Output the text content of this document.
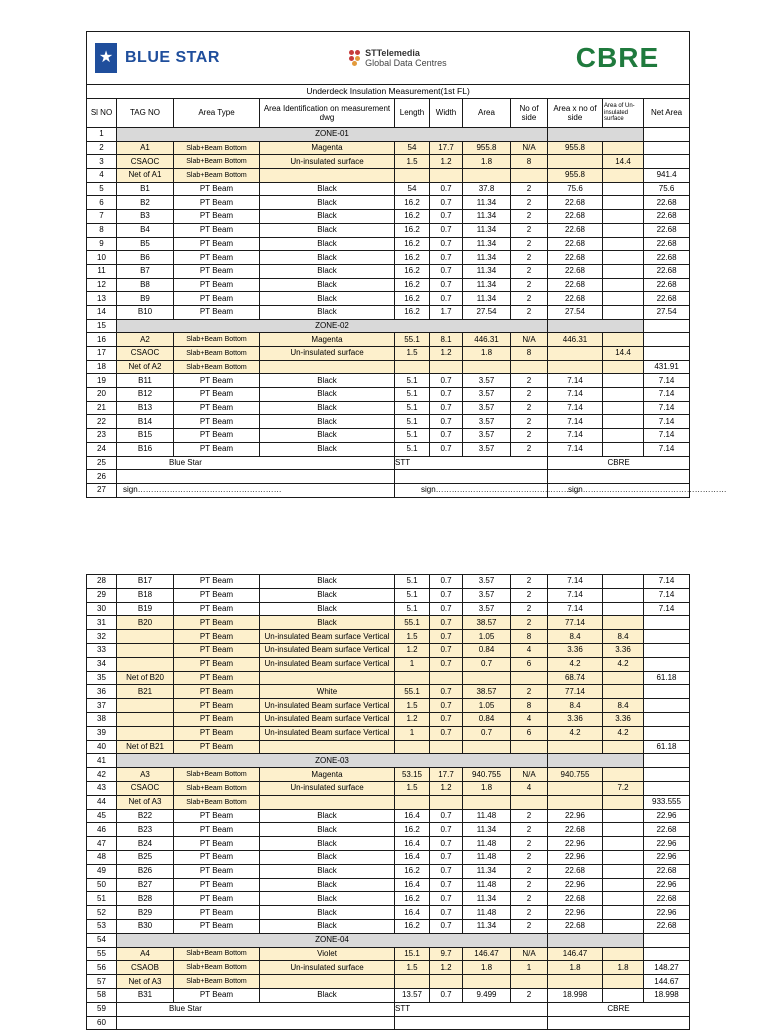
★ BLUE STAR STTelemedia
Global Data Centres CBRE										

Underdeck Insulation Measurement(1st FL)										
Sl NO	TAG NO	Area Type	Area Identification on measurement dwg	Length	Width	Area	No of side	Area x no of side	Area of Un-insulated surface	Net Area
1	ZONE-01									
2	A1	Slab+Beam Bottom	Magenta	54	17.7	955.8	N/A	955.8		
3	CSAOC	Slab+Beam Bottom	Un-insulated surface	1.5	1.2	1.8	8		14.4	
4	Net of A1	Slab+Beam Bottom						955.8		941.4
5	B1	PT Beam	Black	54	0.7	37.8	2	75.6		75.6
6	B2	PT Beam	Black	16.2	0.7	11.34	2	22.68		22.68
7	B3	PT Beam	Black	16.2	0.7	11.34	2	22.68		22.68
8	B4	PT Beam	Black	16.2	0.7	11.34	2	22.68		22.68
9	B5	PT Beam	Black	16.2	0.7	11.34	2	22.68		22.68
10	B6	PT Beam	Black	16.2	0.7	11.34	2	22.68		22.68
11	B7	PT Beam	Black	16.2	0.7	11.34	2	22.68		22.68
12	B8	PT Beam	Black	16.2	0.7	11.34	2	22.68		22.68
13	B9	PT Beam	Black	16.2	0.7	11.34	2	22.68		22.68
14	B10	PT Beam	Black	16.2	1.7	27.54	2	27.54		27.54
15	ZONE-02									
16	A2	Slab+Beam Bottom	Magenta	55.1	8.1	446.31	N/A	446.31		
17	CSAOC	Slab+Beam Bottom	Un-insulated surface	1.5	1.2	1.8	8		14.4	
18	Net of A2	Slab+Beam Bottom								431.91
19	B11	PT Beam	Black	5.1	0.7	3.57	2	7.14		7.14
20	B12	PT Beam	Black	5.1	0.7	3.57	2	7.14		7.14
21	B13	PT Beam	Black	5.1	0.7	3.57	2	7.14		7.14
22	B14	PT Beam	Black	5.1	0.7	3.57	2	7.14		7.14
23	B15	PT Beam	Black	5.1	0.7	3.57	2	7.14		7.14
24	B16	PT Beam	Black	5.1	0.7	3.57	2	7.14		7.14
25	Blue Star			STT				CBRE		
26										
27	sign………………………………………………			sign………………………………………………				sign………………………………………………		
28	B17	PT Beam	Black	5.1	0.7	3.57	2	7.14		7.14
29	B18	PT Beam	Black	5.1	0.7	3.57	2	7.14		7.14
30	B19	PT Beam	Black	5.1	0.7	3.57	2	7.14		7.14
31	B20	PT Beam	Black	55.1	0.7	38.57	2	77.14		
32		PT Beam	Un-insulated Beam surface Vertical	1.5	0.7	1.05	8	8.4	8.4	
33		PT Beam	Un-insulated Beam surface Vertical	1.2	0.7	0.84	4	3.36	3.36	
34		PT Beam	Un-insulated Beam surface Vertical	1	0.7	0.7	6	4.2	4.2	
35	Net of B20	PT Beam						68.74		61.18
36	B21	PT Beam	White	55.1	0.7	38.57	2	77.14		
37		PT Beam	Un-insulated Beam surface Vertical	1.5	0.7	1.05	8	8.4	8.4	
38		PT Beam	Un-insulated Beam surface Vertical	1.2	0.7	0.84	4	3.36	3.36	
39		PT Beam	Un-insulated Beam surface Vertical	1	0.7	0.7	6	4.2	4.2	
40	Net of B21	PT Beam								61.18
41	ZONE-03									
42	A3	Slab+Beam Bottom	Magenta	53.15	17.7	940.755	N/A	940.755		
43	CSAOC	Slab+Beam Bottom	Un-insulated surface	1.5	1.2	1.8	4		7.2	
44	Net of A3	Slab+Beam Bottom								933.555
45	B22	PT Beam	Black	16.4	0.7	11.48	2	22.96		22.96
46	B23	PT Beam	Black	16.2	0.7	11.34	2	22.68		22.68
47	B24	PT Beam	Black	16.4	0.7	11.48	2	22.96		22.96
48	B25	PT Beam	Black	16.4	0.7	11.48	2	22.96		22.96
49	B26	PT Beam	Black	16.2	0.7	11.34	2	22.68		22.68
50	B27	PT Beam	Black	16.4	0.7	11.48	2	22.96		22.96
51	B28	PT Beam	Black	16.2	0.7	11.34	2	22.68		22.68
52	B29	PT Beam	Black	16.4	0.7	11.48	2	22.96		22.96
53	B30	PT Beam	Black	16.2	0.7	11.34	2	22.68		22.68
54	ZONE-04									
55	A4	Slab+Beam Bottom	Violet	15.1	9.7	146.47	N/A	146.47		
56	CSAOB	Slab+Beam Bottom	Un-insulated surface	1.5	1.2	1.8	1	1.8	1.8	148.27
57	Net of A3	Slab+Beam Bottom								144.67
58	B31	PT Beam	Black	13.57	0.7	9.499	2	18.998		18.998
59	Blue Star			STT				CBRE		
60										
